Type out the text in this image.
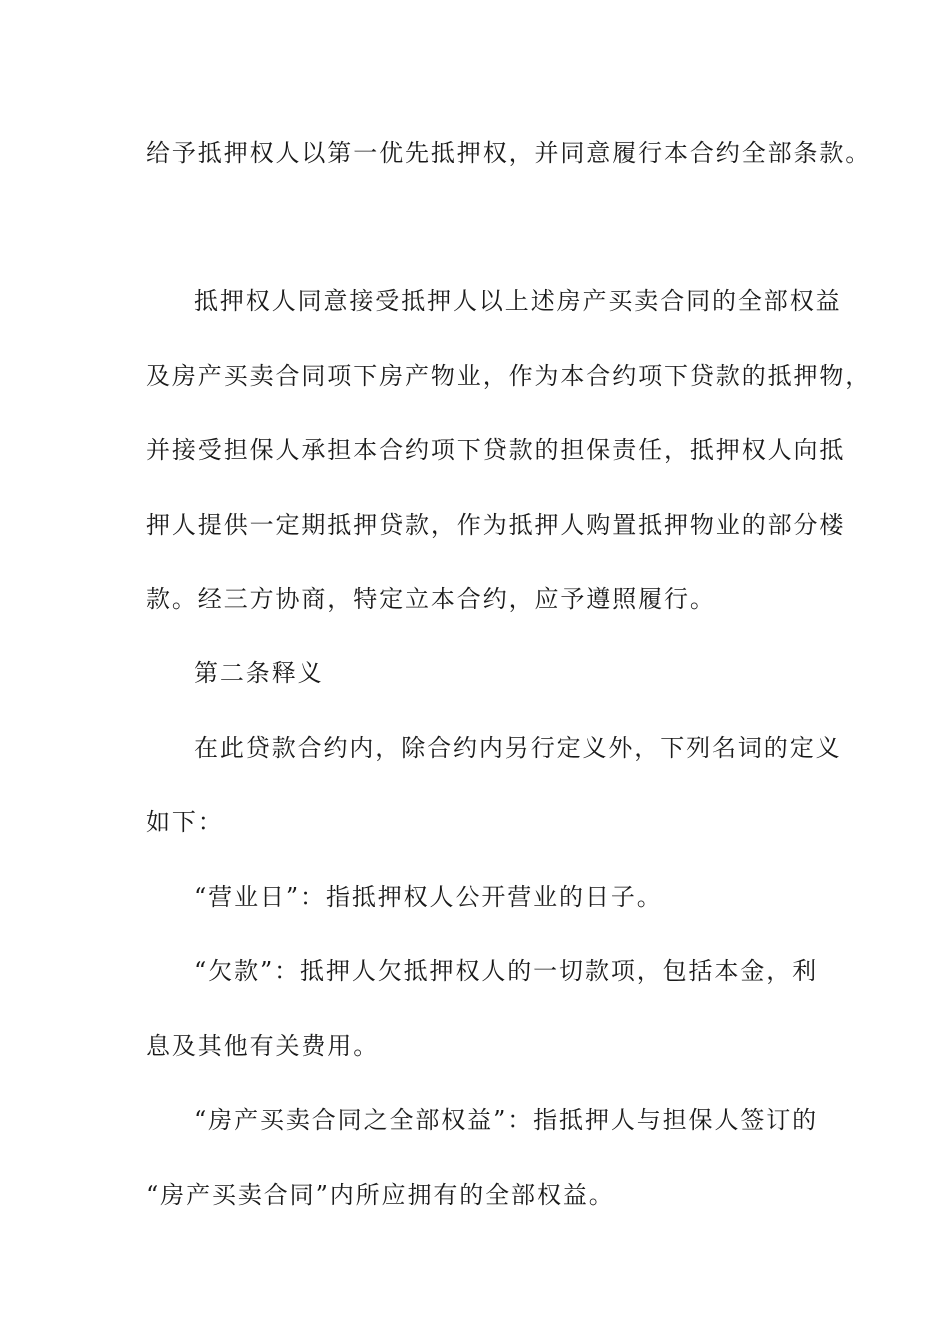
给予抵押权人以第一优先抵押权，并同意履行本合约全部条款。
抵押权人同意接受抵押人以上述房产买卖合同的全部权益
及房产买卖合同项下房产物业，作为本合约项下贷款的抵押物，
并接受担保人承担本合约项下贷款的担保责任，抵押权人向抵
押人提供一定期抵押贷款，作为抵押人购置抵押物业的部分楼
款。经三方协商，特定立本合约，应予遵照履行。
第二条释义
在此贷款合约内，除合约内另行定义外，下列名词的定义
如下：
“营业日”：指抵押权人公开营业的日子。
“欠款”：抵押人欠抵押权人的一切款项，包括本金，利
息及其他有关费用。
“房产买卖合同之全部权益”：指抵押人与担保人签订的
“房产买卖合同”内所应拥有的全部权益。
